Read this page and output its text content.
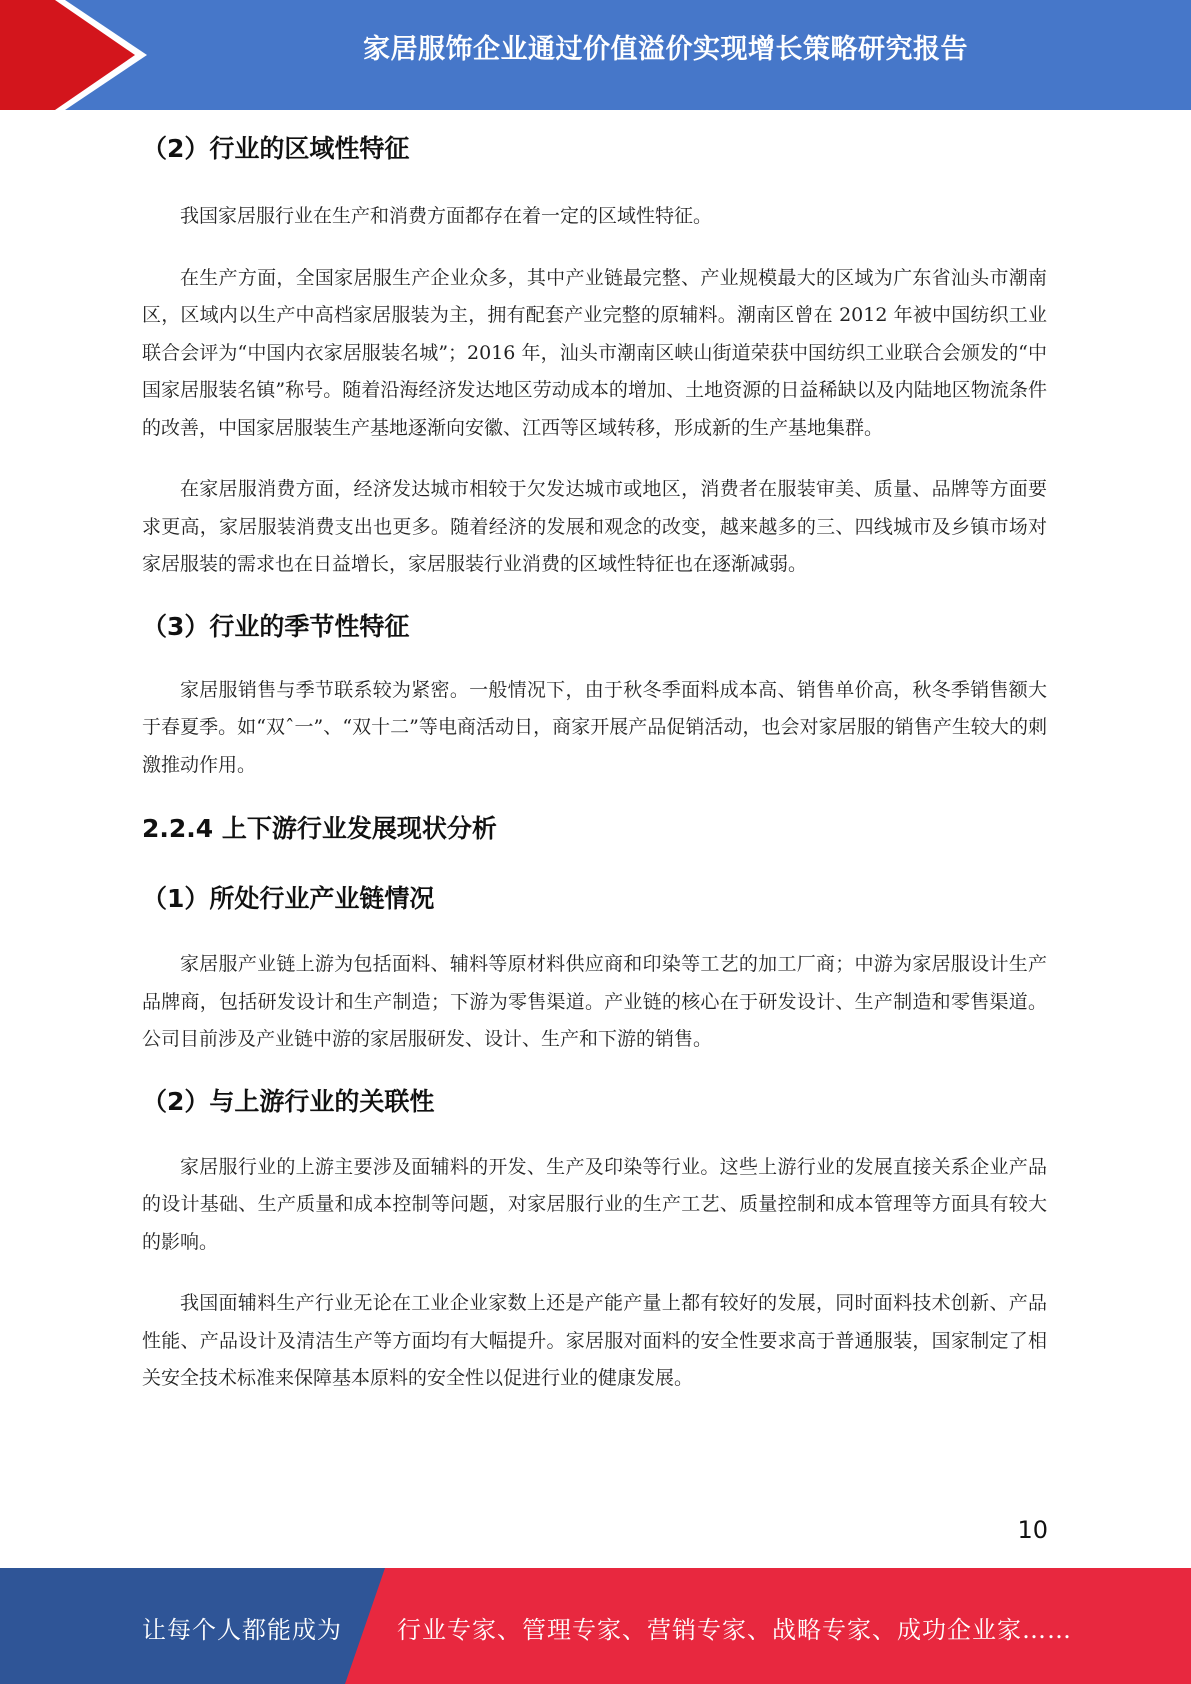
家居服饰企业通过价值溢价实现增长策略研究报告
（2）行业的区域性特征

我国家居服行业在生产和消费方面都存在着一定的区域性特征。

在生产方面，全国家居服生产企业众多，其中产业链最完整、产业规模最大的区域为广东省汕头市潮南区，区域内以生产中高档家居服装为主，拥有配套产业完整的原辅料。潮南区曾在 2012 年被中国纺织工业联合会评为“中国内衣家居服装名城”；2016 年，汕头市潮南区峡山街道荣获中国纺织工业联合会颁发的“中国家居服装名镇”称号。随着沿海经济发达地区劳动成本的增加、土地资源的日益稀缺以及内陆地区物流条件的改善，中国家居服装生产基地逐渐向安徽、江西等区域转移，形成新的生产基地集群。

在家居服消费方面，经济发达城市相较于欠发达城市或地区，消费者在服装审美、质量、品牌等方面要求更高，家居服装消费支出也更多。随着经济的发展和观念的改变，越来越多的三、四线城市及乡镇市场对家居服装的需求也在日益增长，家居服装行业消费的区域性特征也在逐渐减弱。

（3）行业的季节性特征

家居服销售与季节联系较为紧密。一般情况下，由于秋冬季面料成本高、销售单价高，秋冬季销售额大于春夏季。如“双ˆ一”、“双十二”等电商活动日，商家开展产品促销活动，也会对家居服的销售产生较大的刺激推动作用。

2.2.4 上下游行业发展现状分析
（1）所处行业产业链情况

家居服产业链上游为包括面料、辅料等原材料供应商和印染等工艺的加工厂商；中游为家居服设计生产品牌商，包括研发设计和生产制造；下游为零售渠道。产业链的核心在于研发设计、生产制造和零售渠道。公司目前涉及产业链中游的家居服研发、设计、生产和下游的销售。

（2）与上游行业的关联性

家居服行业的上游主要涉及面辅料的开发、生产及印染等行业。这些上游行业的发展直接关系企业产品的设计基础、生产质量和成本控制等问题，对家居服行业的生产工艺、质量控制和成本管理等方面具有较大的影响。

我国面辅料生产行业无论在工业企业家数上还是产能产量上都有较好的发展，同时面料技术创新、产品性能、产品设计及清洁生产等方面均有大幅提升。家居服对面料的安全性要求高于普通服装，国家制定了相关安全技术标准来保障基本原料的安全性以促进行业的健康发展。

10
让每个人都能成为 行业专家、管理专家、营销专家、战略专家、成功企业家……
